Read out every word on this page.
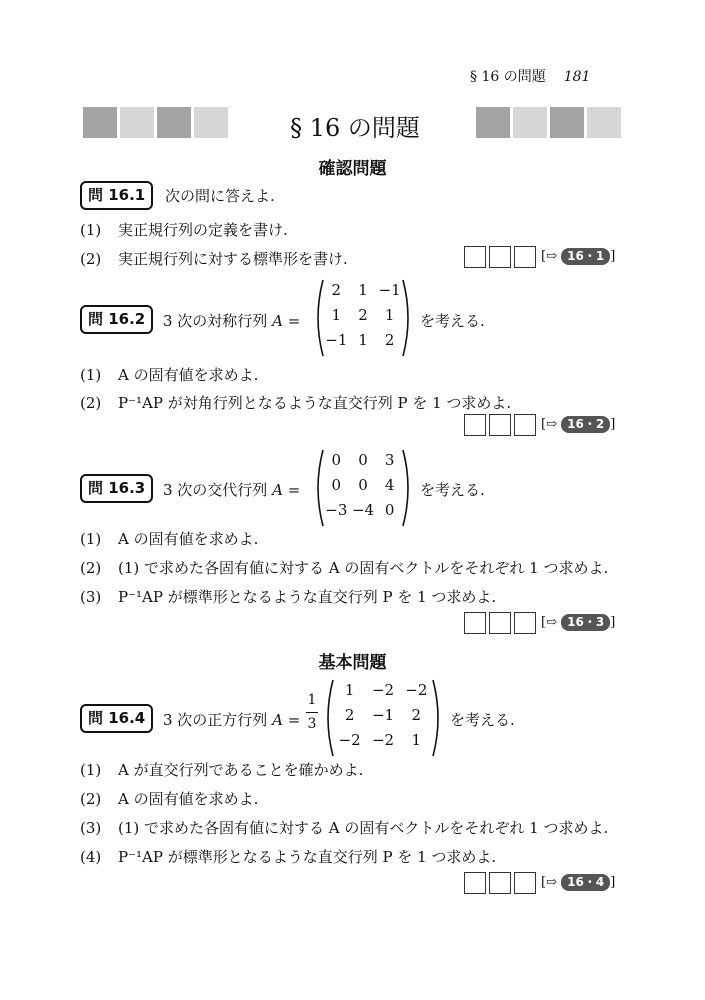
§ 16 の問題 181
§ 16 の問題
確認問題
問 16.1	次の問に答えよ.
(1) 実正規行列の定義を書け.
(2) 実正規行列に対する標準形を書け.	[⇨ 16・1 ]
問 16.2	3 次の対称行列 A =
2	1 −1
1	2	1
−1 1	2
を考える.
(1) A の固有値を求めよ.
(2) P⁻¹AP が対角行列となるような直交行列 P を 1 つ求めよ.
[⇨ 16・2 ]
問 16.3	3 次の交代行列 A =
0	0	3
0	0	4
−3 −4 0
を考える.
(1) A の固有値を求めよ.
(2) (1) で求めた各固有値に対する A の固有ベクトルをそれぞれ 1 つ求めよ.
(3) P⁻¹AP が標準形となるような直交行列 P を 1 つ求めよ.
[⇨ 16・3 ]
基本問題
問 16.4	3 次の正方行列 A =
1
3
1	−2 −2
2	−1	2
−2 −2	1
を考える.
(1) A が直交行列であることを確かめよ.
(2) A の固有値を求めよ.
(3) (1) で求めた各固有値に対する A の固有ベクトルをそれぞれ 1 つ求めよ.
(4) P⁻¹AP が標準形となるような直交行列 P を 1 つ求めよ.
[⇨ 16・4 ]
